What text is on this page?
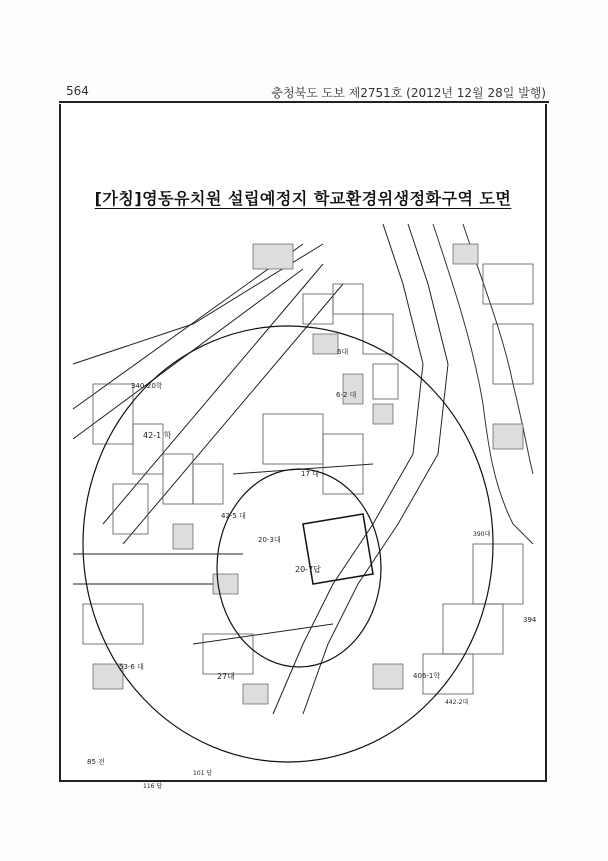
564	충청북도 도보 제2751호 (2012년 12월 28일 발행)
[가칭]영동유치원 설립예정지 학교환경위생정화구역 도면
340-20학
42-1 학
42-5 대
17 대
20-3대
20-7답
27대
53-6 대
85 전
101 답
116 답
6대
6-2 대
390대
394
406-1학
442-2대
